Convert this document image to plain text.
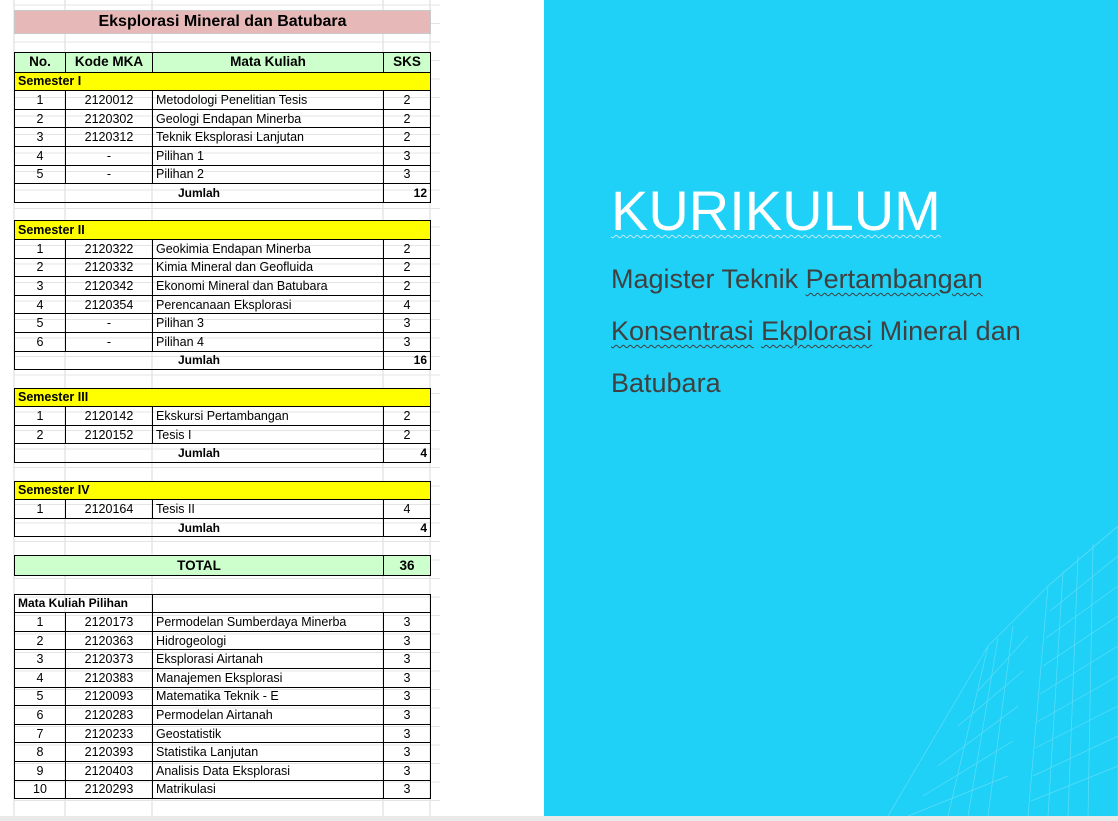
Eksplorasi Mineral dan Batubara			

No.	Kode MKA	Mata Kuliah	SKS
Semester I			
1	2120012	Metodologi Penelitian Tesis	2
2	2120302	Geologi Endapan Minerba	2
3	2120312	Teknik Eksplorasi Lanjutan	2
4	-	Pilihan 1	3
5	-	Pilihan 2	3
Jumlah			12

Semester II			
1	2120322	Geokimia Endapan Minerba	2
2	2120332	Kimia Mineral dan Geofluida	2
3	2120342	Ekonomi Mineral dan Batubara	2
4	2120354	Perencanaan Eksplorasi	4
5	-	Pilihan 3	3
6	-	Pilihan 4	3
Jumlah			16

Semester III			
1	2120142	Ekskursi Pertambangan	2
2	2120152	Tesis I	2
Jumlah			4

Semester IV			
1	2120164	Tesis II	4
Jumlah			4

TOTAL			36

Mata Kuliah Pilihan			
1	2120173	Permodelan Sumberdaya Minerba	3
2	2120363	Hidrogeologi	3
3	2120373	Eksplorasi Airtanah	3
4	2120383	Manajemen Eksplorasi	3
5	2120093	Matematika Teknik - E	3
6	2120283	Permodelan Airtanah	3
7	2120233	Geostatistik	3
8	2120393	Statistika Lanjutan	3
9	2120403	Analisis Data Eksplorasi	3
10	2120293	Matrikulasi	3
KURIKULUM

Magister Teknik Pertambangan

Konsentrasi Ekplorasi Mineral dan

Batubara
